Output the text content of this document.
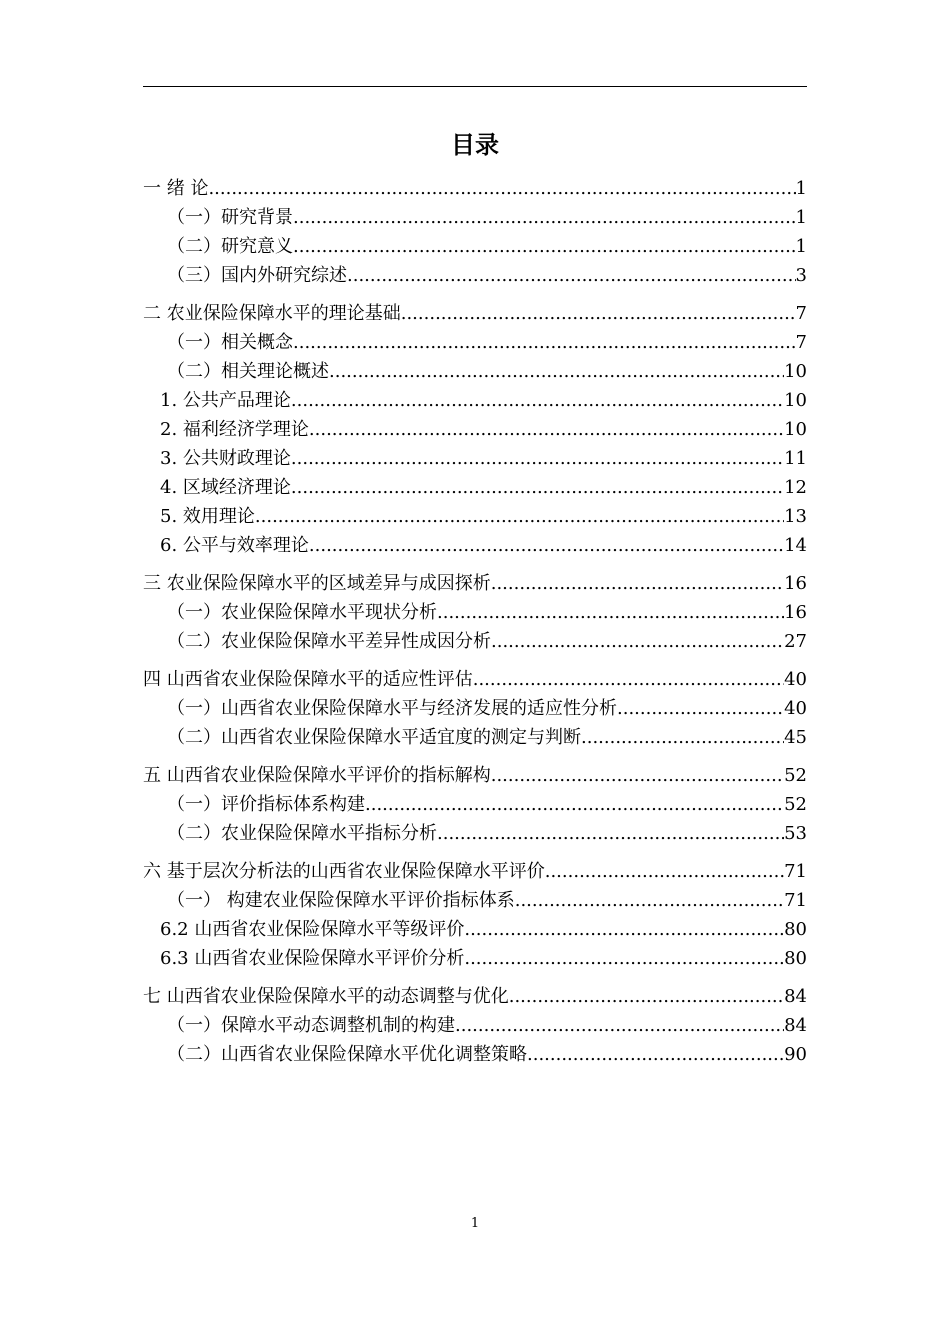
目录
一 绪 论 .....	1
（一）研究背景 .....	1
（二）研究意义 .....	1
（三）国内外研究综述 .....	3
二 农业保险保障水平的理论基础 .....	7
（一）相关概念 .....	7
（二）相关理论概述 .....	10
1. 公共产品理论 .....	10
2. 福利经济学理论 .....	10
3. 公共财政理论 .....	11
4. 区域经济理论 .....	12
5. 效用理论 .....	13
6. 公平与效率理论 .....	14
三 农业保险保障水平的区域差异与成因探析 .....	16
（一）农业保险保障水平现状分析 .....	16
（二）农业保险保障水平差异性成因分析 .....	27
四 山西省农业保险保障水平的适应性评估 .....	40
（一）山西省农业保险保障水平与经济发展的适应性分析 .....	40
（二）山西省农业保险保障水平适宜度的测定与判断 .....	45
五 山西省农业保险保障水平评价的指标解构 .....	52
（一）评价指标体系构建 .....	52
（二）农业保险保障水平指标分析 .....	53
六 基于层次分析法的山西省农业保险保障水平评价 .....	71
（一） 构建农业保险保障水平评价指标体系 .....	71
6.2 山西省农业保险保障水平等级评价 .....	80
6.3 山西省农业保险保障水平评价分析 .....	80
七 山西省农业保险保障水平的动态调整与优化 .....	84
（一）保障水平动态调整机制的构建 .....	84
（二）山西省农业保险保障水平优化调整策略 .....	90
1
